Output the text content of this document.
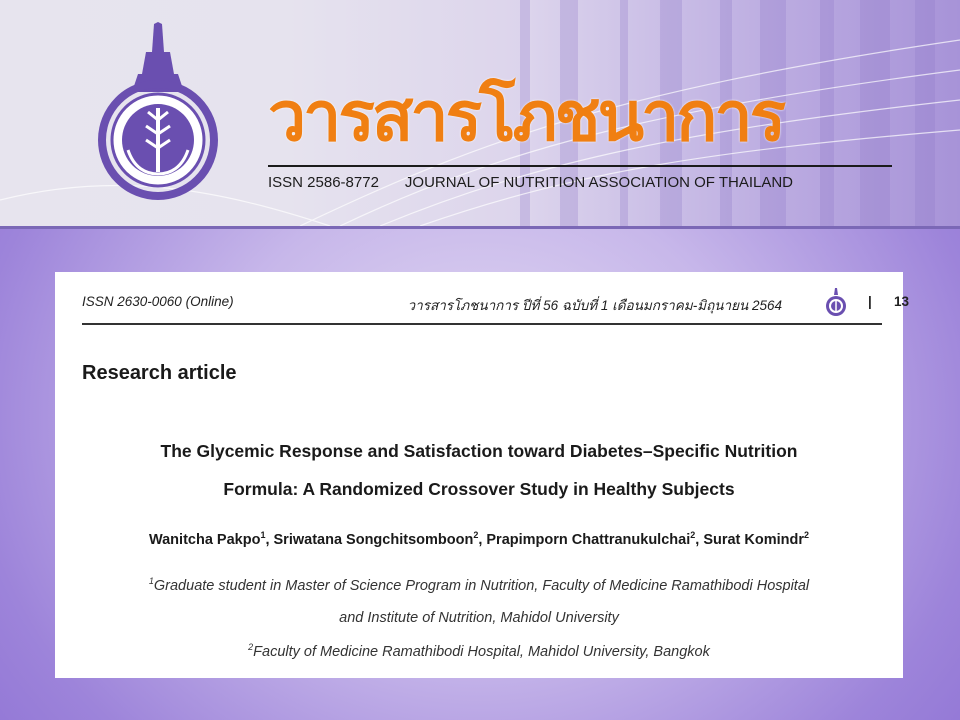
วารสารโภชนาการ
ISSN 2586-8772 JOURNAL OF NUTRITION ASSOCIATION OF THAILAND
ISSN 2630-0060 (Online)	วารสารโภชนาการ ปีที่ 56 ฉบับที่ 1 เดือนมกราคม-มิถุนายน 2564	| 13
Research article
The Glycemic Response and Satisfaction toward Diabetes–Specific Nutrition
Formula: A Randomized Crossover Study in Healthy Subjects
Wanitcha Pakpo$^1$, Sriwatana Songchitsomboon$^2$, Prapimporn Chattranukulchai$^2$, Surat Komindr$^2$
$^1$Graduate student in Master of Science Program in Nutrition, Faculty of Medicine Ramathibodi Hospital
and Institute of Nutrition, Mahidol University
$^2$Faculty of Medicine Ramathibodi Hospital, Mahidol University, Bangkok
